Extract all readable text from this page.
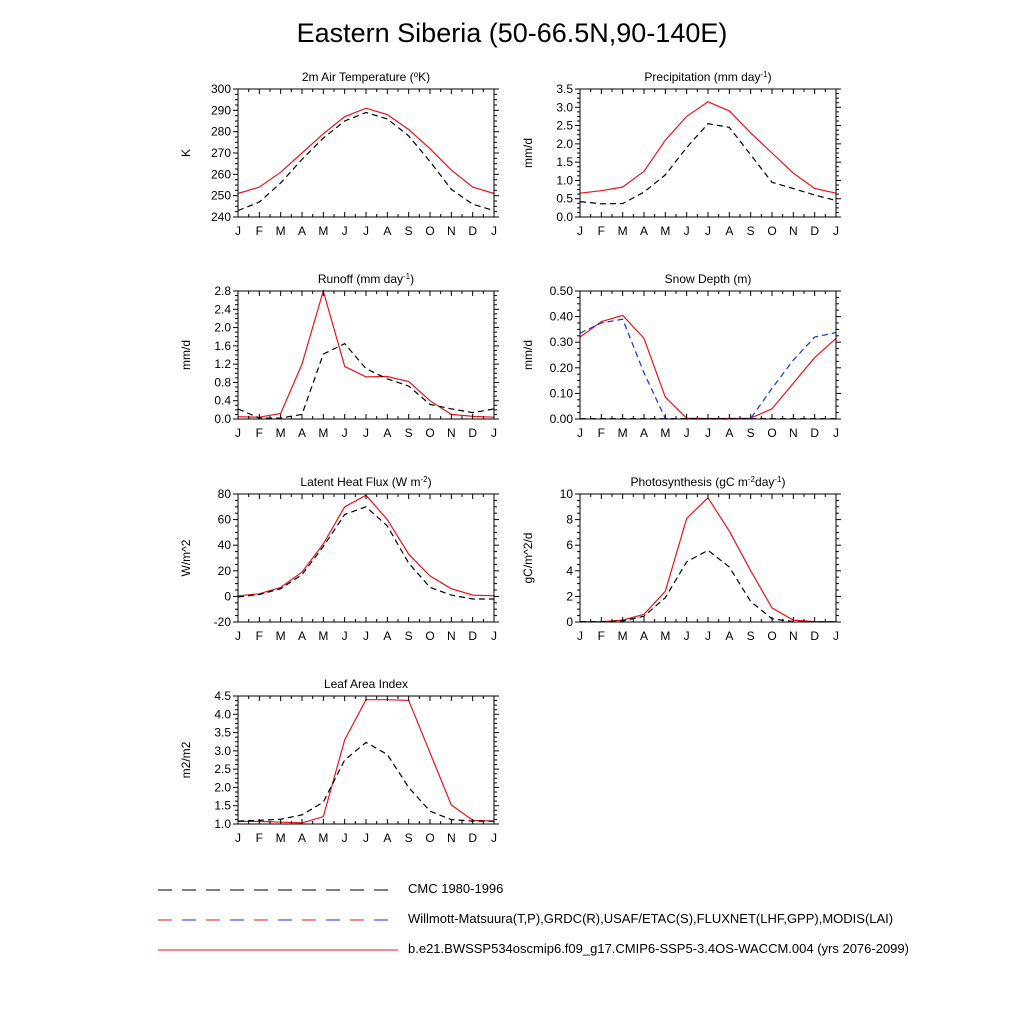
Eastern Siberia (50-66.5N,90-140E)
2m Air Temperature ($^o$K)
J F M A M J J A S O N D J
240
250
260
270
280
290
300
K
Precipitation (mm day$^{-1}$)
J F M A M J J A S O N D J
0.0
0.5
1.0
1.5
2.0
2.5
3.0
3.5
mm/d
Runoff (mm day$^{-1}$)
J F M A M J J A S O N D J
0.0
0.4
0.8
1.2
1.6
2.0
2.4
2.8
mm/d
Snow Depth (m)
J F M A M J J A S O N D J
0.00
0.10
0.20
0.30
0.40
0.50
mm/d
Latent Heat Flux (W $m^{-2}$)
J F M A M J J A S O N D J
-20
0
20
40
60
80
W/m^2
Photosynthesis (gC $m^{-2}day^{-1}$)
J F M A M J J A S O N D J
0
2
4
6
8
10
gC/m^2/d
Leaf Area Index
J F M A M J J A S O N D J
1.0
1.5
2.0
2.5
3.0
3.5
4.0
4.5
m2/m2
CMC 1980-1996
Willmott-Matsuura(T,P),GRDC(R),USAF/ETAC(S),FLUXNET(LHF,GPP),MODIS(LAI)
b.e21.BWSSP534oscmip6.f09_g17.CMIP6-SSP5-3.4OS-WACCM.004 (yrs 2076-2099)
